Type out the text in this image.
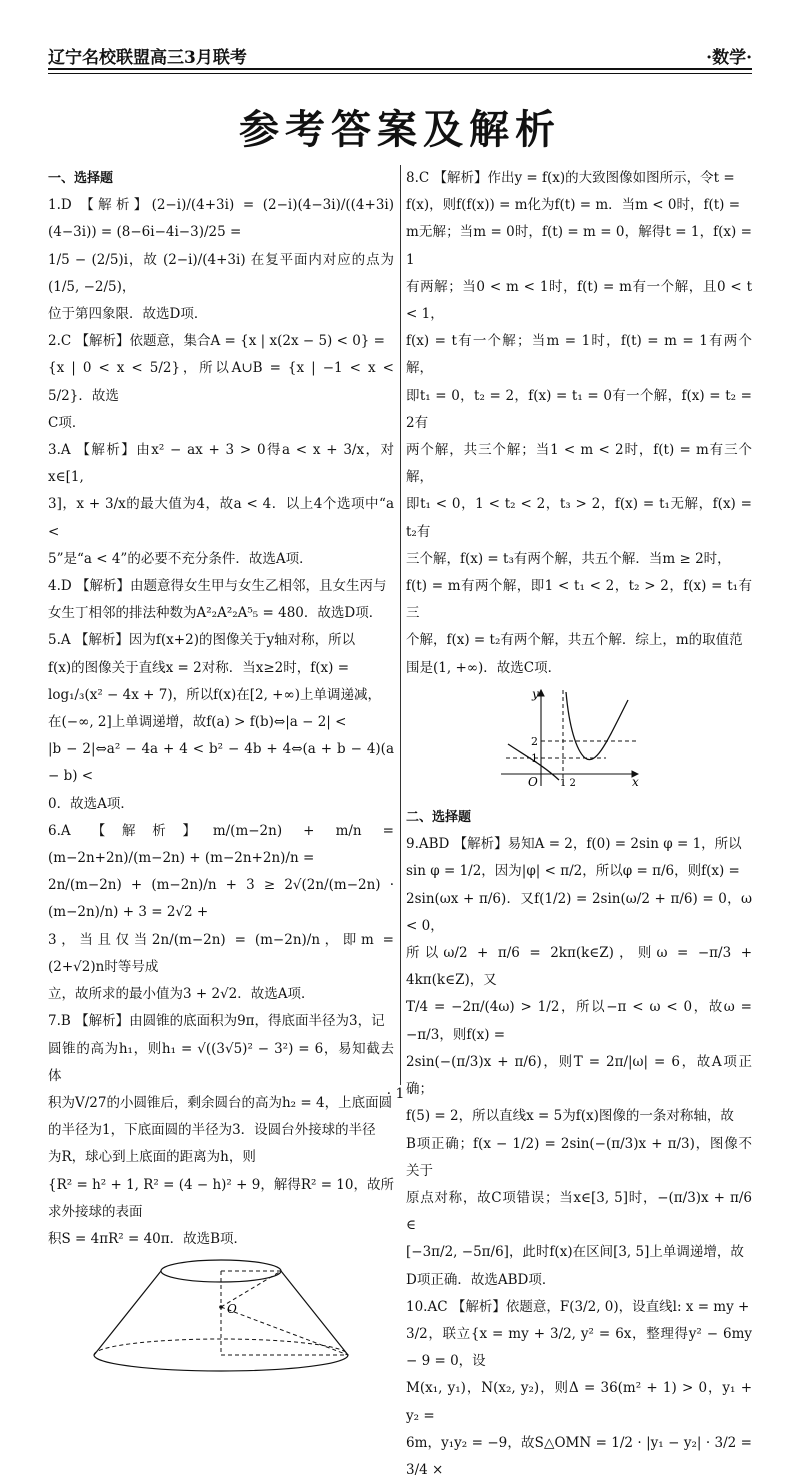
辽宁名校联盟高三3月联考	·数学·
参考答案及解析
一、选择题

1.D 【解析】(2−i)/(4+3i) = (2−i)(4−3i)/((4+3i)(4−3i)) = (8−6i−4i−3)/25 =

1/5 − (2/5)i，故 (2−i)/(4+3i) 在复平面内对应的点为(1/5, −2/5)，

位于第四象限．故选D项．

2.C 【解析】依题意，集合A = {x | x(2x − 5) < 0} =

{x | 0 < x < 5/2}，所以A∪B = {x | −1 < x < 5/2}．故选

C项．

3.A 【解析】由x² − ax + 3 > 0得a < x + 3/x，对x∈[1,

3]，x + 3/x的最大值为4，故a < 4．以上4个选项中“a <

5”是“a < 4”的必要不充分条件．故选A项．

4.D 【解析】由题意得女生甲与女生乙相邻，且女生丙与

女生丁相邻的排法种数为A²₂A²₂A⁵₅ = 480．故选D项．

5.A 【解析】因为f(x+2)的图像关于y轴对称，所以

f(x)的图像关于直线x = 2对称．当x≥2时，f(x) =

log₁/₃(x² − 4x + 7)，所以f(x)在[2, +∞)上单调递减，

在(−∞, 2]上单调递增，故f(a) > f(b)⇔|a − 2| <

|b − 2|⇔a² − 4a + 4 < b² − 4b + 4⇔(a + b − 4)(a − b) <

0．故选A项．

6.A 【解析】m/(m−2n) + m/n = (m−2n+2n)/(m−2n) + (m−2n+2n)/n =

2n/(m−2n) + (m−2n)/n + 3 ≥ 2√(2n/(m−2n) · (m−2n)/n) + 3 = 2√2 +

3，当且仅当2n/(m−2n) = (m−2n)/n，即m = (2+√2)n时等号成

立，故所求的最小值为3 + 2√2．故选A项．

7.B 【解析】由圆锥的底面积为9π，得底面半径为3，记

圆锥的高为h₁，则h₁ = √((3√5)² − 3²) = 6，易知截去体

积为V/27的小圆锥后，剩余圆台的高为h₂ = 4，上底面圆

的半径为1，下底面圆的半径为3．设圆台外接球的半径

为R，球心到上底面的距离为h，则

{R² = h² + 1, R² = (4 − h)² + 9，解得R² = 10，故所求外接球的表面

积S = 4πR² = 40π．故选B项．

O

8.C 【解析】作出y = f(x)的大致图像如图所示，令t =

f(x)，则f(f(x)) = m化为f(t) = m．当m < 0时，f(t) =

m无解；当m = 0时，f(t) = m = 0，解得t = 1，f(x) = 1

有两解；当0 < m < 1时，f(t) = m有一个解，且0 < t < 1，

f(x) = t有一个解；当m = 1时，f(t) = m = 1有两个解，

即t₁ = 0，t₂ = 2，f(x) = t₁ = 0有一个解，f(x) = t₂ = 2有

两个解，共三个解；当1 < m < 2时，f(t) = m有三个解，

即t₁ < 0，1 < t₂ < 2，t₃ > 2，f(x) = t₁无解，f(x) = t₂有

三个解，f(x) = t₃有两个解，共五个解．当m ≥ 2时，

f(t) = m有两个解，即1 < t₁ < 2，t₂ > 2，f(x) = t₁有三

个解，f(x) = t₂有两个解，共五个解．综上，m的取值范

围是(1, +∞)．故选C项．

y
x
O
1
2
1 2
二、选择题

9.ABD 【解析】易知A = 2，f(0) = 2sin φ = 1，所以

sin φ = 1/2，因为|φ| < π/2，所以φ = π/6，则f(x) =

2sin(ωx + π/6)．又f(1/2) = 2sin(ω/2 + π/6) = 0，ω < 0，

所以ω/2 + π/6 = 2kπ(k∈Z)，则ω = −π/3 + 4kπ(k∈Z)，又

T/4 = −2π/(4ω) > 1/2，所以−π < ω < 0，故ω = −π/3，则f(x) =

2sin(−(π/3)x + π/6)，则T = 2π/|ω| = 6，故A项正确；

f(5) = 2，所以直线x = 5为f(x)图像的一条对称轴，故

B项正确；f(x − 1/2) = 2sin(−(π/3)x + π/3)，图像不关于

原点对称，故C项错误；当x∈[3, 5]时，−(π/3)x + π/6 ∈

[−3π/2, −5π/6]，此时f(x)在区间[3, 5]上单调递增，故

D项正确．故选ABD项．

10.AC 【解析】依题意，F(3/2, 0)，设直线l: x = my +

3/2，联立{x = my + 3/2, y² = 6x，整理得y² − 6my − 9 = 0，设

M(x₁, y₁)，N(x₂, y₂)，则Δ = 36(m² + 1) > 0，y₁ + y₂ =

6m，y₁y₂ = −9，故S△OMN = 1/2 · |y₁ − y₂| · 3/2 = 3/4 ×

· 1 ·
